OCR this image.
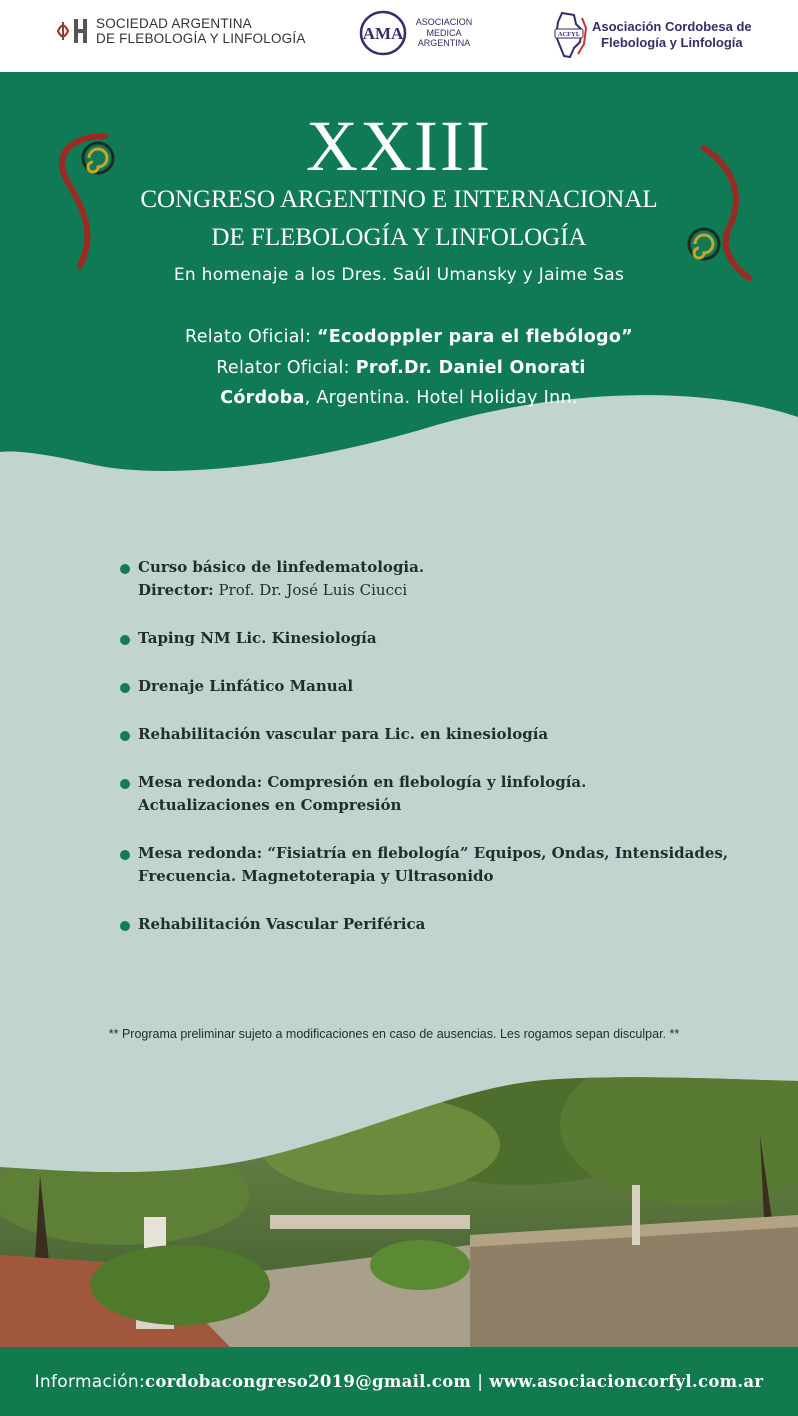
SOCIEDAD ARGENTINA
DE FLEBOLOGÍA Y LINFOLOGÍA	AMA
ASOCIACION
MEDICA
ARGENTINA
ACFYL
Asociación Cordobesa de
Flebología y Linfología
XXIII
CONGRESO ARGENTINO E INTERNACIONAL
DE FLEBOLOGÍA Y LINFOLOGÍA
En homenaje a los Dres. Saúl Umansky y Jaime Sas
Relato Oficial: “Ecodoppler para el flebólogo”
Relator Oficial: Prof.Dr. Daniel Onorati
Córdoba, Argentina. Hotel Holiday Inn.
Curso básico de linfedematologia.
Director: Prof. Dr. José Luis Ciucci
Taping NM Lic. Kinesiología
Drenaje Linfático Manual
Rehabilitación vascular para Lic. en kinesiología
Mesa redonda: Compresión en flebología y linfología.
Actualizaciones en Compresión
Mesa redonda: “Fisiatría en flebología” Equipos, Ondas, Intensidades,
Frecuencia. Magnetoterapia y Ultrasonido
Rehabilitación Vascular Periférica
** Programa preliminar sujeto a modificaciones en caso de ausencias. Les rogamos sepan disculpar. **
Información: cordobacongreso2019@gmail.com | www.asociacioncorfyl.com.ar
